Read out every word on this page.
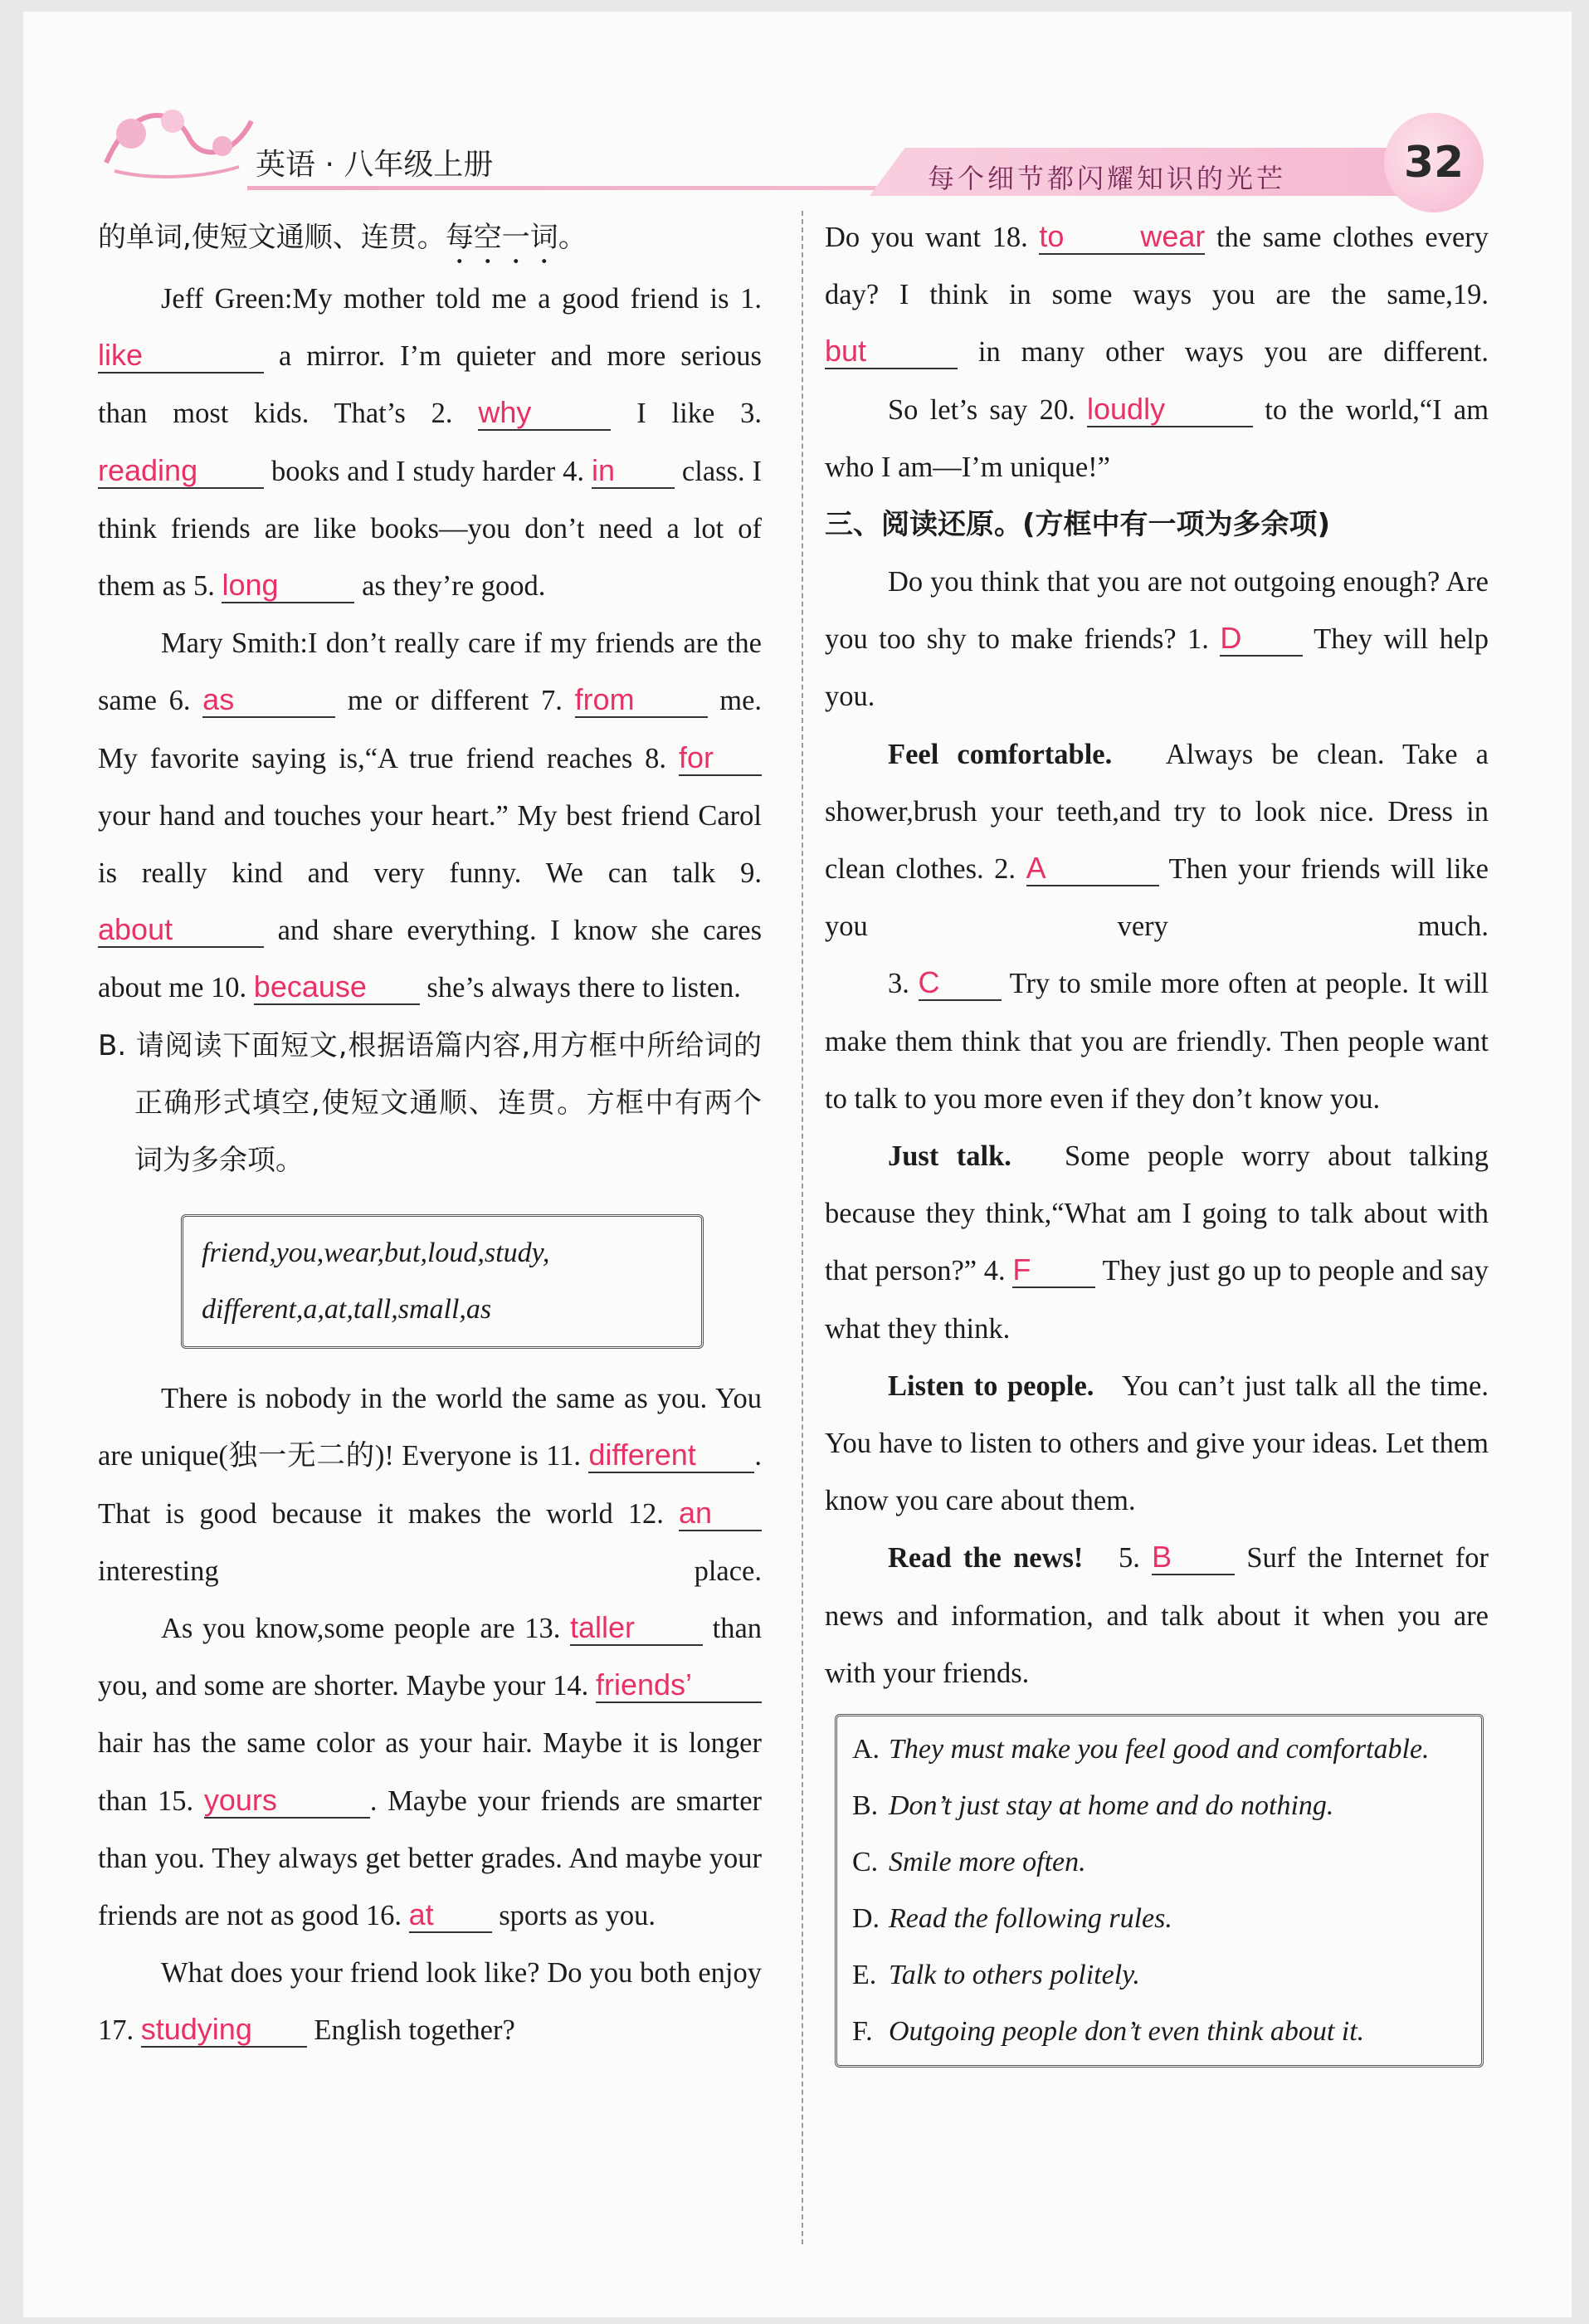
英语 · 八年级上册	每个细节都闪耀知识的光芒	32

的单词,使短文通顺、连贯。每空一词。

Jeff Green:My mother told me a good friend is 1. like	a mirror. I’m quieter and more serious than most kids. That’s 2. why	I like 3. reading	books and I study harder 4. in class. I think friends are like books—you don’t need a lot of them as 5. long	as they’re good.

Mary Smith:I don’t really care if my friends are the same 6. as	me or different 7. from	me. My favorite saying is,“A true friend reaches 8. for your hand and touches your heart.” My best friend Carol is really kind and very funny. We can talk 9. about	and share everything. I know she cares about me 10. because she’s always there to listen.

B. 请阅读下面短文,根据语篇内容,用方框中所给词的正确形式填空,使短文通顺、连贯。方框中有两个词为多余项。

friend,you,wear,but,loud,study,
different,a,at,tall,small,as

There is nobody in the world the same as you. You are unique(独一无二的)! Everyone is 11. different . That is good because it makes the world 12. an interesting place.

As you know,some people are 13. taller	than you, and some are shorter. Maybe your 14. friends’ hair has the same color as your hair. Maybe it is longer than 15. yours	. Maybe your friends are smarter than you. They always get better grades. And maybe your friends are not as good 16. at sports as you.

What does your friend look like? Do you both enjoy 17. studying English together?

Do you want 18. to wear the same clothes every day? I think in some ways you are the same,19. but	in many other ways you are different.

So let’s say 20. loudly	to the world,“I am who I am—I’m unique!”

三、阅读还原。(方框中有一项为多余项)

Do you think that you are not outgoing enough? Are you too shy to make friends? 1. D	They will help you.

Feel comfortable. Always be clean. Take a shower,brush your teeth,and try to look nice. Dress in clean clothes. 2. A	Then your friends will like you very much.

3. C Try to smile more often at people. It will make them think that you are friendly. Then people want to talk to you more even if they don’t know you.

Just talk. Some people worry about talking because they think,“What am I going to talk about with that person?” 4. F They just go up to people and say what they think.

Listen to people. You can’t just talk all the time. You have to listen to others and give your ideas. Let them know you care about them.

Read the news! 5. B	Surf the Internet for news and information, and talk about it when you are with your friends.

A. They must make you feel good and comfortable.
B. Don’t just stay at home and do nothing.
C. Smile more often.
D. Read the following rules.
E. Talk to others politely.
F. Outgoing people don’t even think about it.
